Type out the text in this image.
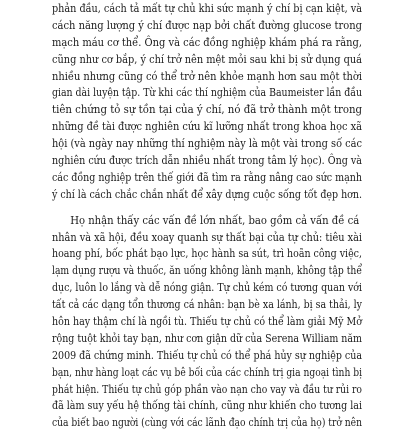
phản đầu, cách tả mất tự chủ khi sức mạnh ý chí bị cạn kiệt, và
cách năng lượng ý chí được nạp bởi chất đường glucose trong
mạch máu cơ thể. Ông và các đồng nghiệp khám phá ra rằng,
cũng như cơ bắp, ý chí trở nên mệt mỏi sau khi bị sử dụng quá
nhiều nhưng cũng có thể trở nên khỏe mạnh hơn sau một thời
gian dài luyện tập. Từ khi các thí nghiệm của Baumeister lần đầu
tiên chứng tỏ sự tồn tại của ý chí, nó đã trở thành một trong
những đề tài được nghiên cứu kĩ lưỡng nhất trong khoa học xã
hội (và ngày nay những thí nghiệm này là một vài trong số các
nghiên cứu được trích dẫn nhiều nhất trong tâm lý học). Ông và
các đồng nghiệp trên thế giới đã tìm ra rằng nâng cao sức mạnh
ý chí là cách chắc chắn nhất để xây dựng cuộc sống tốt đẹp hơn.
Họ nhận thấy các vấn đề lớn nhất, bao gồm cả vấn đề cá
nhân và xã hội, đều xoay quanh sự thất bại của tự chủ: tiêu xài
hoang phí, bốc phát bạo lực, học hành sa sút, trì hoãn công việc,
lạm dụng rượu và thuốc, ăn uống không lành mạnh, không tập thể
dục, luôn lo lắng và dễ nóng giận. Tự chủ kém có tương quan với
tất cả các dạng tổn thương cá nhân: bạn bè xa lánh, bị sa thải, ly
hôn hay thậm chí là ngồi tù. Thiếu tự chủ có thể làm giải Mỹ Mở
rộng tuột khỏi tay bạn, như cơn giận dữ của Serena William năm
2009 đã chứng minh. Thiếu tự chủ có thể phá hủy sự nghiệp của
bạn, như hàng loạt các vụ bê bối của các chính trị gia ngoại tình bị
phát hiện. Thiếu tự chủ góp phần vào nạn cho vay và đầu tư rủi ro
đã làm suy yếu hệ thống tài chính, cũng như khiến cho tương lai
của biết bao người (cùng với các lãnh đạo chính trị của họ) trở nên
